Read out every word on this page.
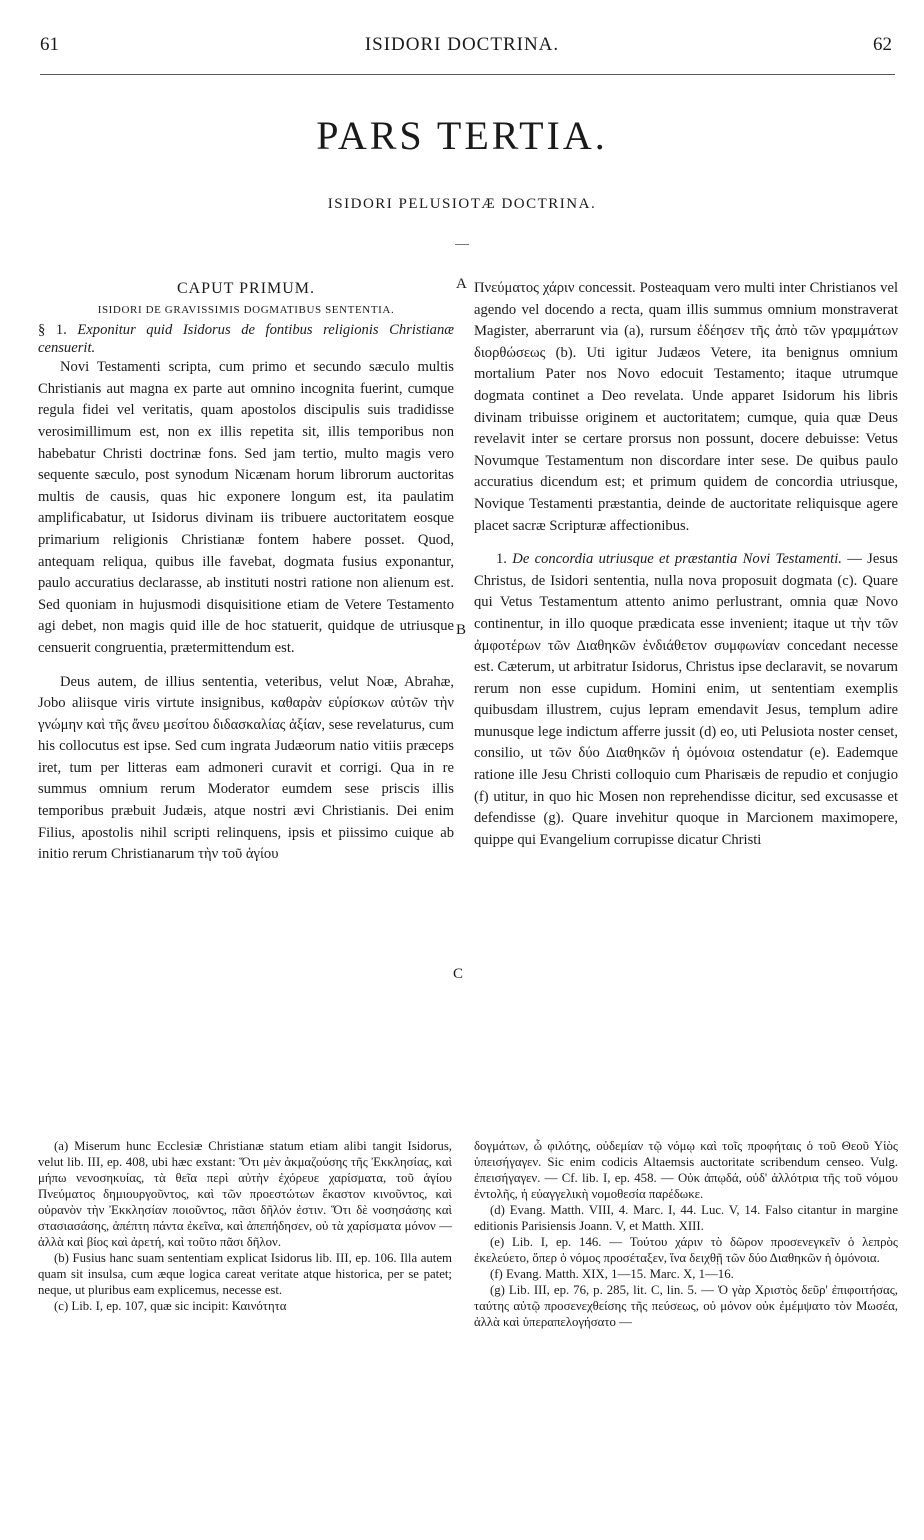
61	ISIDORI DOCTRINA.	62
PARS TERTIA.
ISIDORI PELUSIOTÆ DOCTRINA.

CAPUT PRIMUM.

ISIDORI DE GRAVISSIMIS DOGMATIBUS SENTENTIA.

§ 1. Exponitur quid Isidorus de fontibus religionis Christianæ censuerit.

Novi Testamenti scripta, cum primo et secundo sæculo multis Christianis aut magna ex parte aut omnino incognita fuerint, cumque regula fidei vel veritatis, quam apostolos discipulis suis tradidisse verosimillimum est, non ex illis repetita sit, illis temporibus non habebatur Christi doctrinæ fons. Sed jam tertio, multo magis vero sequente sæculo, post synodum Nicænam horum librorum auctoritas multis de causis, quas hic exponere longum est, ita paulatim amplificabatur, ut Isidorus divinam iis tribuere auctoritatem eosque primarium religionis Christianæ fontem habere posset. Quod, antequam reliqua, quibus ille favebat, dogmata fusius exponantur, paulo accuratius declarasse, ab instituti nostri ratione non alienum est. Sed quoniam in hujusmodi disquisitione etiam de Vetere Testamento agi debet, non magis quid ille de hoc statuerit, quidque de utriusque censuerit congruentia, prætermittendum est.

Deus autem, de illius sententia, veteribus, velut Noæ, Abrahæ, Jobo aliisque viris virtute insignibus, καθαρὰν εὑρίσκων αὐτῶν τὴν γνώμην καὶ τῆς ἄνευ μεσίτου διδασκαλίας ἀξίαν, sese revelaturus, cum his collocutus est ipse. Sed cum ingrata Judæorum natio vitiis præceps iret, tum per litteras eam admoneri curavit et corrigi. Qua in re summus omnium rerum Moderator eumdem sese priscis illis temporibus præbuit Judæis, atque nostri ævi Christianis. Dei enim Filius, apostolis nihil scripti relinquens, ipsis et piissimo cuique ab initio rerum Christianarum τὴν τοῦ ἁγίου

A
B
C

Πνεύματος χάριν concessit. Posteaquam vero multi inter Christianos vel agendo vel docendo a recta, quam illis summus omnium monstraverat Magister, aberrarunt via (a), rursum ἐδέησεν τῆς ἀπὸ τῶν γραμμάτων διορθώσεως (b). Uti igitur Judæos Vetere, ita benignus omnium mortalium Pater nos Novo edocuit Testamento; itaque utrumque dogmata continet a Deo revelata. Unde apparet Isidorum his libris divinam tribuisse originem et auctoritatem; cumque, quia quæ Deus revelavit inter se certare prorsus non possunt, docere debuisse: Vetus Novumque Testamentum non discordare inter sese. De quibus paulo accuratius dicendum est; et primum quidem de concordia utriusque, Novique Testamenti præstantia, deinde de auctoritate reliquisque agere placet sacræ Scripturæ affectionibus.

1. De concordia utriusque et præstantia Novi Testamenti. — Jesus Christus, de Isidori sententia, nulla nova proposuit dogmata (c). Quare qui Vetus Testamentum attento animo perlustrant, omnia quæ Novo continentur, in illo quoque prædicata esse invenient; itaque ut τὴν τῶν ἀμφοτέρων τῶν Διαθηκῶν ἐνδιάθετον συμφωνίαν concedant necesse est. Cæterum, ut arbitratur Isidorus, Christus ipse declaravit, se novarum rerum non esse cupidum. Homini enim, ut sententiam exemplis quibusdam illustrem, cujus lepram emendavit Jesus, templum adire munusque lege indictum afferre jussit (d) eo, uti Pelusiota noster censet, consilio, ut τῶν δύο Διαθηκῶν ἡ ὁμόνοια ostendatur (e). Eademque ratione ille Jesu Christi colloquio cum Pharisæis de repudio et conjugio (f) utitur, in quo hic Mosen non reprehendisse dicitur, sed excusasse et defendisse (g). Quare invehitur quoque in Marcionem maximopere, quippe qui Evangelium corrupisse dicatur Christi

(a) Miserum hunc Ecclesiæ Christianæ statum etiam alibi tangit Isidorus, velut lib. III, ep. 408, ubi hæc exstant: Ὅτι μὲν ἀκμαζούσης τῆς Ἐκκλησίας, καὶ μήπω νενοσηκυίας, τὰ θεῖα περὶ αὐτὴν ἐχόρευε χαρίσματα, τοῦ ἁγίου Πνεύματος δημιουργοῦντος, καὶ τῶν προεστώτων ἕκαστον κινοῦντος, καὶ οὐρανὸν τὴν Ἐκκλησίαν ποιοῦντος, πᾶσι δῆλόν ἐστιν. Ὅτι δὲ νοσησάσης καὶ στασιασάσης, ἀπέπτη πάντα ἐκεῖνα, καὶ ἀπεπήδησεν, οὐ τὰ χαρίσματα μόνον — ἀλλὰ καὶ βίος καὶ ἀρετή, καὶ τοῦτο πᾶσι δῆλον.

(b) Fusius hanc suam sententiam explicat Isidorus lib. III, ep. 106. Illa autem quam sit insulsa, cum æque logica careat veritate atque historica, per se patet; neque, ut pluribus eam explicemus, necesse est.

(c) Lib. I, ep. 107, quæ sic incipit: Καινότητα

δογμάτων, ὦ φιλότης, οὐδεμίαν τῷ νόμῳ καὶ τοῖς προφήταις ὁ τοῦ Θεοῦ Υἱὸς ὑπεισήγαγεν. Sic enim codicis Altaemsis auctoritate scribendum censeo. Vulg. ἐπεισήγαγεν. — Cf. lib. I, ep. 458. — Οὐκ ἀπῳδά, οὐδ' ἀλλότρια τῆς τοῦ νόμου ἐντολῆς, ἡ εὐαγγελικὴ νομοθεσία παρέδωκε.

(d) Evang. Matth. VIII, 4. Marc. I, 44. Luc. V, 14. Falso citantur in margine editionis Parisiensis Joann. V, et Matth. XIII.

(e) Lib. I, ep. 146. — Τούτου χάριν τὸ δῶρον προσενεγκεῖν ὁ λεπρὸς ἐκελεύετο, ὅπερ ὁ νόμος προσέταξεν, ἵνα δειχθῇ τῶν δύο Διαθηκῶν ἡ ὁμόνοια.

(f) Evang. Matth. XIX, 1—15. Marc. X, 1—16.

(g) Lib. III, ep. 76, p. 285, lit. C, lin. 5. — Ὁ γὰρ Χριστὸς δεῦρ' ἐπιφοιτήσας, ταύτης αὐτῷ προσενεχθείσης τῆς πεύσεως, οὐ μόνον οὐκ ἐμέμψατο τὸν Μωσέα, ἀλλὰ καὶ ὑπεραπελογήσατο —
